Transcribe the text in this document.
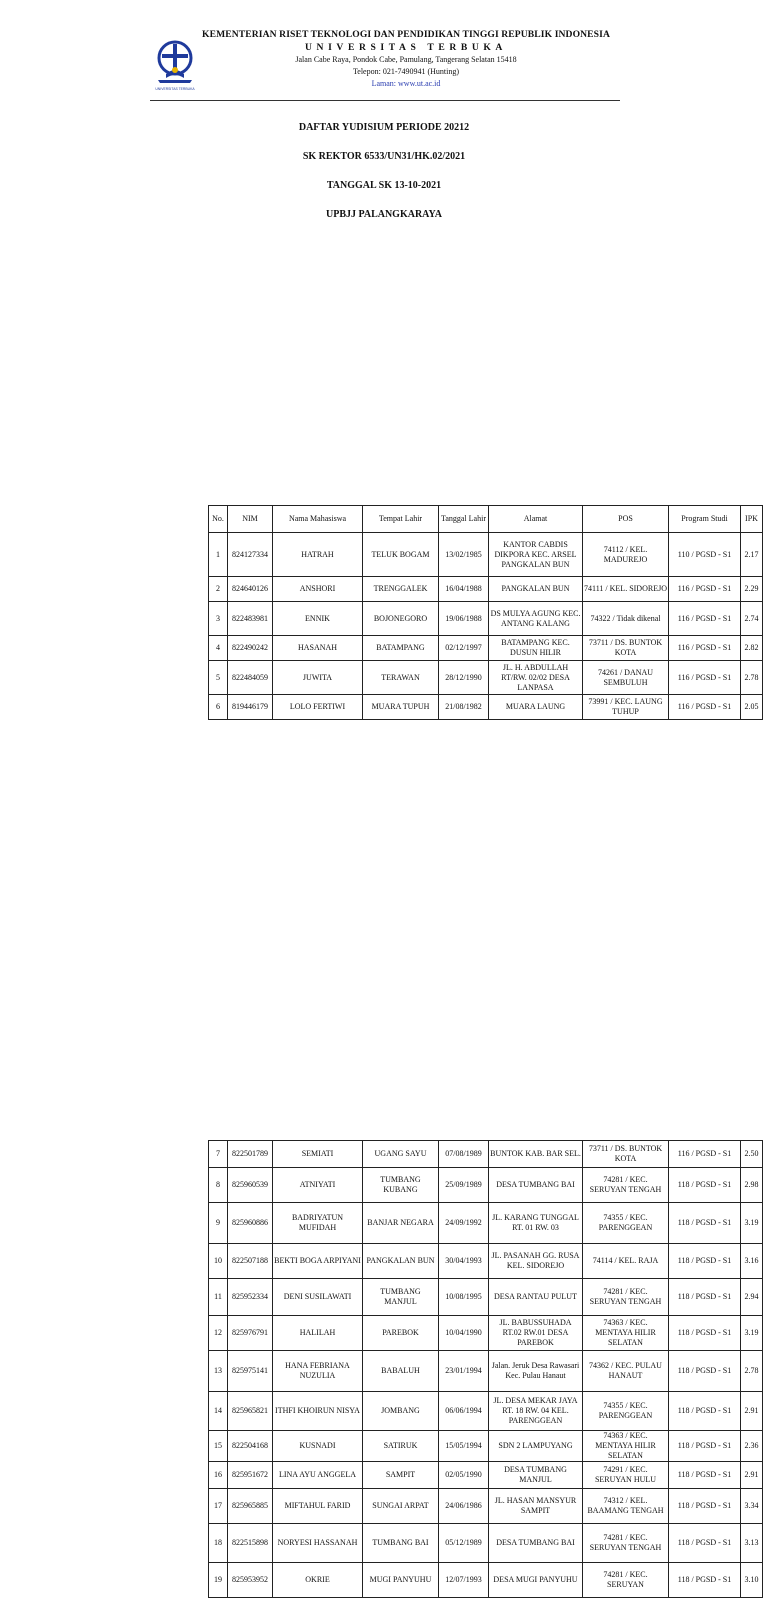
UNIVERSITAS TERBUKA
KEMENTERIAN RISET TEKNOLOGI DAN PENDIDIKAN TINGGI REPUBLIK INDONESIA
UNIVERSITAS TERBUKA
Jalan Cabe Raya, Pondok Cabe, Pamulang, Tangerang Selatan 15418
Telepon: 021-7490941 (Hunting)
Laman: www.ut.ac.id
DAFTAR YUDISIUM PERIODE 20212
SK REKTOR 6533/UN31/HK.02/2021
TANGGAL SK 13-10-2021
UPBJJ PALANGKARAYA
No.	NIM	Nama Mahasiswa	Tempat Lahir	Tanggal Lahir	Alamat	POS	Program Studi	IPK
1	824127334	HATRAH	TELUK BOGAM	13/02/1985	KANTOR CABDIS DIKPORA KEC. ARSEL PANGKALAN BUN	74112 / KEL. MADUREJO	110 / PGSD - S1	2.17
2	824640126	ANSHORI	TRENGGALEK	16/04/1988	PANGKALAN BUN	74111 / KEL. SIDOREJO	116 / PGSD - S1	2.29
3	822483981	ENNIK	BOJONEGORO	19/06/1988	DS MULYA AGUNG KEC. ANTANG KALANG	74322 / Tidak dikenal	116 / PGSD - S1	2.74
4	822490242	HASANAH	BATAMPANG	02/12/1997	BATAMPANG KEC. DUSUN HILIR	73711 / DS. BUNTOK KOTA	116 / PGSD - S1	2.82
5	822484059	JUWITA	TERAWAN	28/12/1990	JL. H. ABDULLAH RT/RW. 02/02 DESA LANPASA	74261 / DANAU SEMBULUH	116 / PGSD - S1	2.78
6	819446179	LOLO FERTIWI	MUARA TUPUH	21/08/1982	MUARA LAUNG	73991 / KEC. LAUNG TUHUP	116 / PGSD - S1	2.05
7	822501789	SEMIATI	UGANG SAYU	07/08/1989	BUNTOK KAB. BAR SEL.	73711 / DS. BUNTOK KOTA	116 / PGSD - S1	2.50
8	825960539	ATNIYATI	TUMBANG KUBANG	25/09/1989	DESA TUMBANG BAI	74281 / KEC. SERUYAN TENGAH	118 / PGSD - S1	2.98
9	825960886	BADRIYATUN MUFIDAH	BANJAR NEGARA	24/09/1992	JL. KARANG TUNGGAL RT. 01 RW. 03	74355 / KEC. PARENGGEAN	118 / PGSD - S1	3.19
10	822507188	BEKTI BOGA ARPIYANI	PANGKALAN BUN	30/04/1993	JL. PASANAH GG. RUSA KEL. SIDOREJO	74114 / KEL. RAJA	118 / PGSD - S1	3.16
11	825952334	DENI SUSILAWATI	TUMBANG MANJUL	10/08/1995	DESA RANTAU PULUT	74281 / KEC. SERUYAN TENGAH	118 / PGSD - S1	2.94
12	825976791	HALILAH	PAREBOK	10/04/1990	JL. BABUSSUHADA RT.02 RW.01 DESA PAREBOK	74363 / KEC. MENTAYA HILIR SELATAN	118 / PGSD - S1	3.19
13	825975141	HANA FEBRIANA NUZULIA	BABALUH	23/01/1994	Jalan. Jeruk Desa Rawasari Kec. Pulau Hanaut	74362 / KEC. PULAU HANAUT	118 / PGSD - S1	2.78
14	825965821	ITHFI KHOIRUN NISYA	JOMBANG	06/06/1994	JL. DESA MEKAR JAYA RT. 18 RW. 04 KEL. PARENGGEAN	74355 / KEC. PARENGGEAN	118 / PGSD - S1	2.91
15	822504168	KUSNADI	SATIRUK	15/05/1994	SDN 2 LAMPUYANG	74363 / KEC. MENTAYA HILIR SELATAN	118 / PGSD - S1	2.36
16	825951672	LINA AYU ANGGELA	SAMPIT	02/05/1990	DESA TUMBANG MANJUL	74291 / KEC. SERUYAN HULU	118 / PGSD - S1	2.91
17	825965885	MIFTAHUL FARID	SUNGAI ARPAT	24/06/1986	JL. HASAN MANSYUR SAMPIT	74312 / KEL. BAAMANG TENGAH	118 / PGSD - S1	3.34
18	822515898	NORYESI HASSANAH	TUMBANG BAI	05/12/1989	DESA TUMBANG BAI	74281 / KEC. SERUYAN TENGAH	118 / PGSD - S1	3.13
19	825953952	OKRIE	MUGI PANYUHU	12/07/1993	DESA MUGI PANYUHU	74281 / KEC. SERUYAN	118 / PGSD - S1	3.10
